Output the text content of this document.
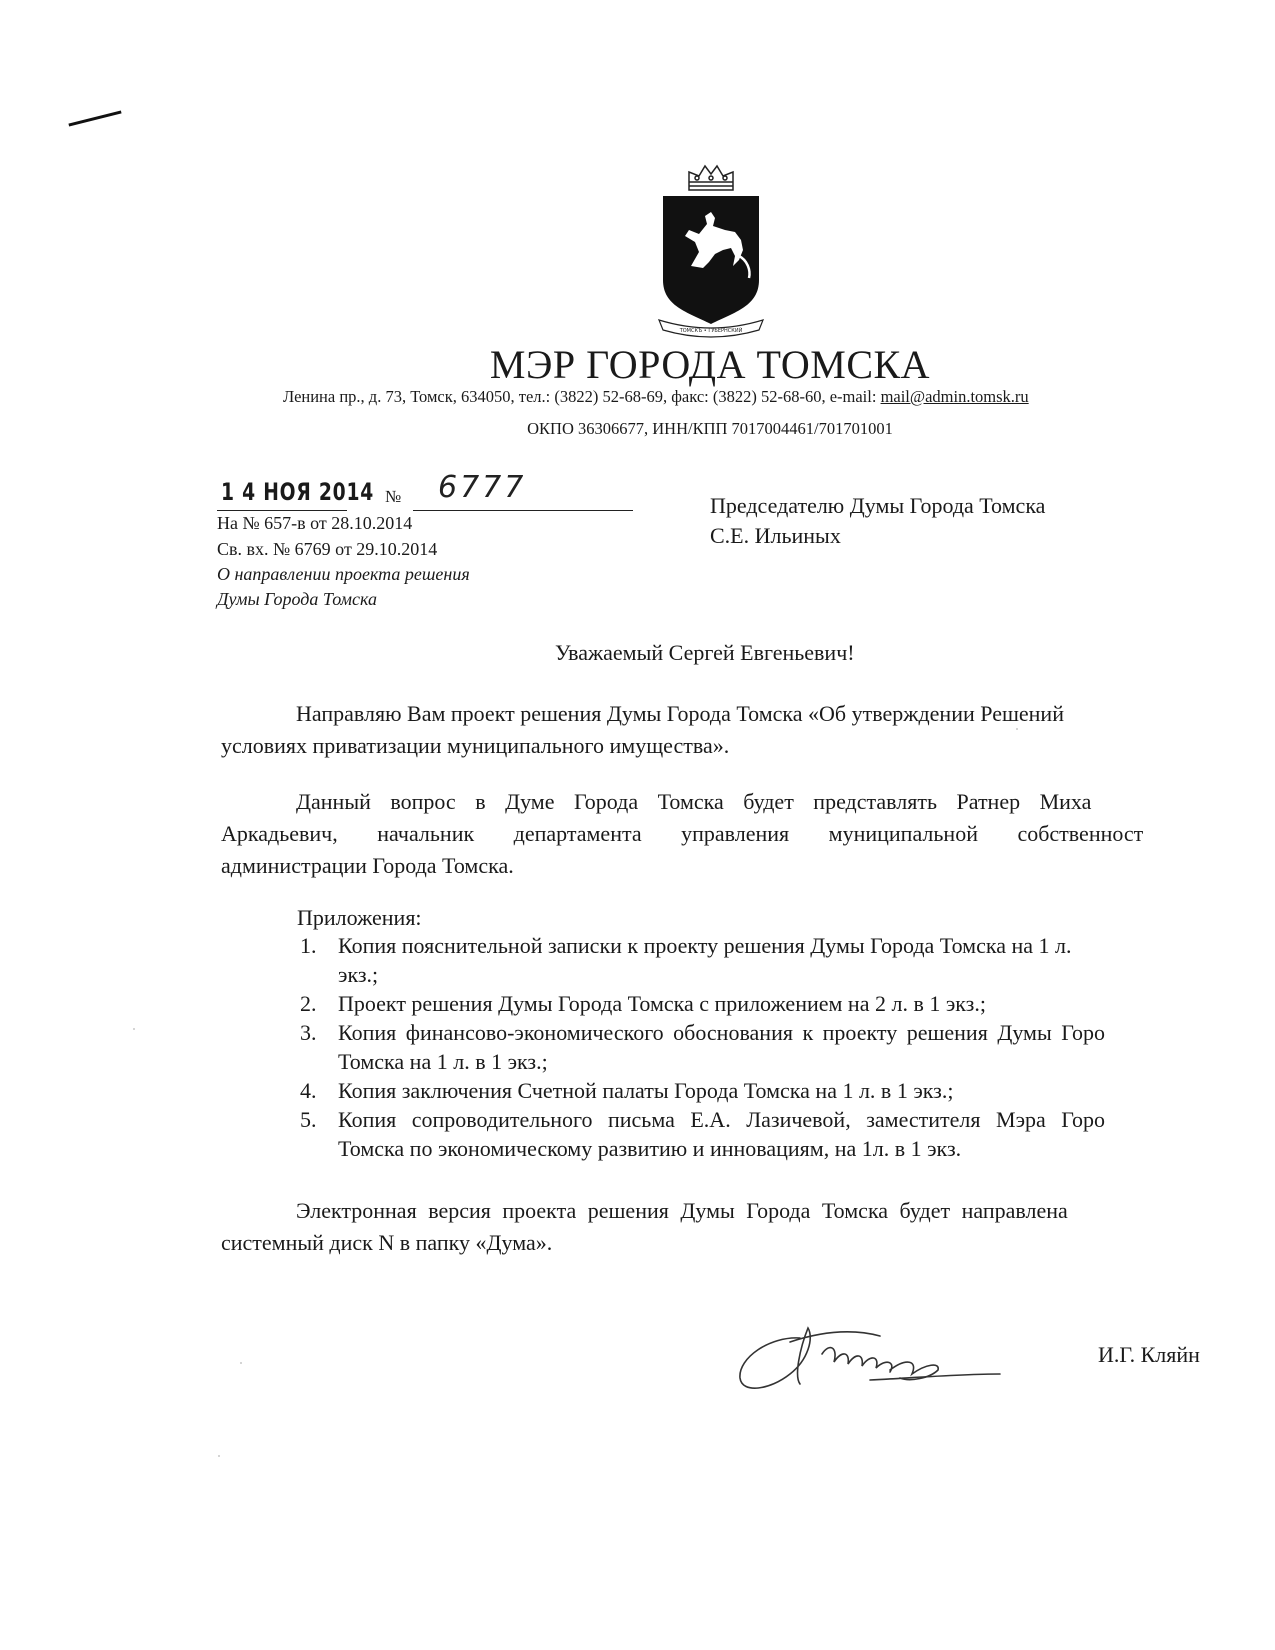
ТОМСКЪ • ГУБЕРНСКИЙ
МЭР ГОРОДА ТОМСКА
Ленина пр., д. 73, Томск, 634050, тел.: (3822) 52-68-69, факс: (3822) 52-68-60, e-mail: mail@admin.tomsk.ru
ОКПО 36306677, ИНН/КПП 7017004461/701701001
1 4 НОЯ 2014 № 6777
На № 657-в от 28.10.2014
Св. вх. № 6769 от 29.10.2014
О направлении проекта решения
Думы Города Томска
Председателю Думы Города Томска
С.Е. Ильиных
Уважаемый Сергей Евгеньевич!
Направляю Вам проект решения Думы Города Томска «Об утверждении Решений
условиях приватизации муниципального имущества».
Данный вопрос в Думе Города Томска будет представлять Ратнер Миха
Аркадьевич, начальник департамента управления муниципальной собственност
администрации Города Томска.
Приложения:
1. Копия пояснительной записки к проекту решения Думы Города Томска на 1 л.
экз.;
2. Проект решения Думы Города Томска с приложением на 2 л. в 1 экз.;
3. Копия финансово-экономического обоснования к проекту решения Думы Горо
Томска на 1 л. в 1 экз.;
4. Копия заключения Счетной палаты Города Томска на 1 л. в 1 экз.;
5. Копия сопроводительного письма Е.А. Лазичевой, заместителя Мэра Горо
Томска по экономическому развитию и инновациям, на 1л. в 1 экз.
Электронная версия проекта решения Думы Города Томска будет направлена
системный диск N в папку «Дума».
И.Г. Кляйн
